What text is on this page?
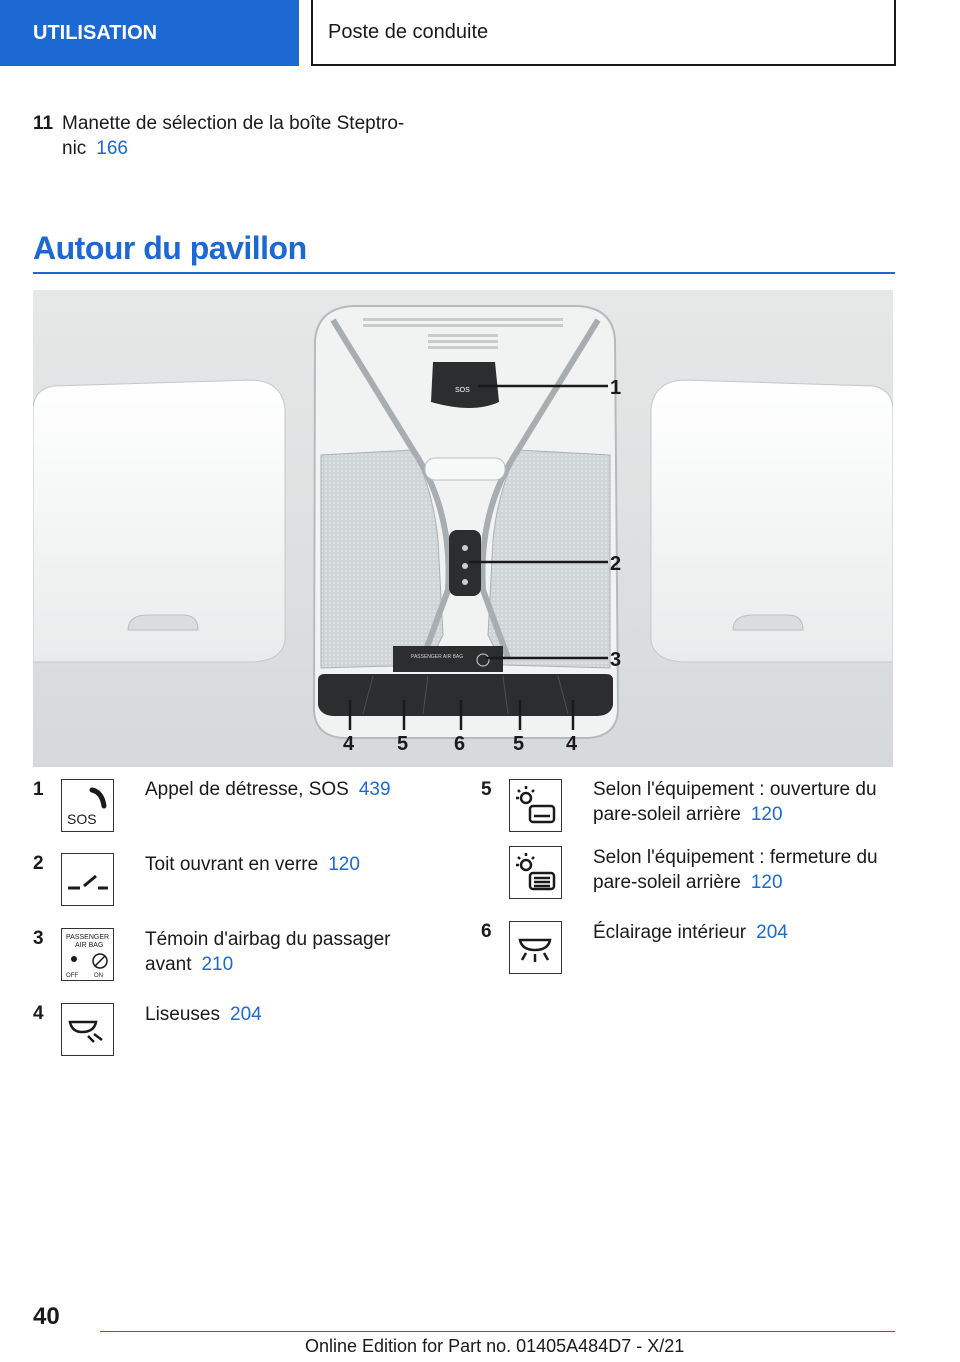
UTILISATION	Poste de conduite
11 Manette de sélection de la boîte Steptro-nic 166
Autour du pavillon
SOS
PASSENGER AIR BAG
1
2
3
4 5 6 5 4
1
SOS
Appel de détresse, SOS 439
2	Toit ouvrant en verre 120
3	PASSENGER
AIR BAG
OFF	ON
Témoin d'airbag du passager avant 210
4	Liseuses 204
5	Selon l'équipement : ouverture du pare-soleil arrière 120
Selon l'équipement : fermeture du pare-soleil arrière 120
6	Éclairage intérieur 204
40
Online Edition for Part no. 01405A484D7 - X/21
